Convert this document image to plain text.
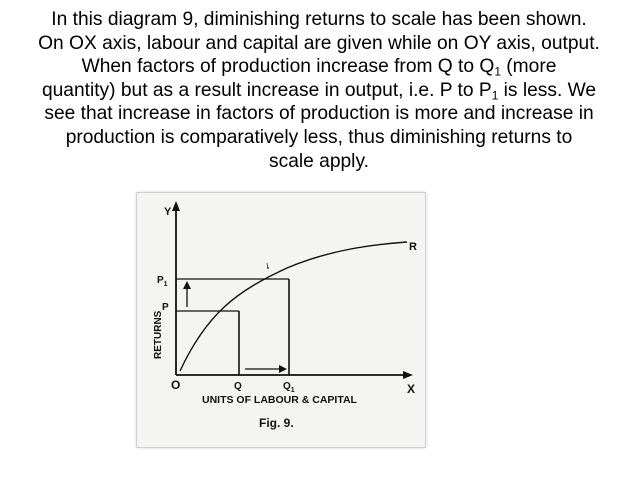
In this diagram 9, diminishing returns to scale has been shown.
On OX axis, labour and capital are given while on OY axis, output.
When factors of production increase from Q to $Q_1$ (more
quantity) but as a result increase in output, i.e. P to $P_1$ is less. We
see that increase in factors of production is more and increase in
production is comparatively less, thus diminishing returns to
scale apply.

Y
X
O
R
P
$P_1$
Q	$Q_1$
RETURNS
UNITS OF LABOUR & CAPITAL
Fig. 9.
